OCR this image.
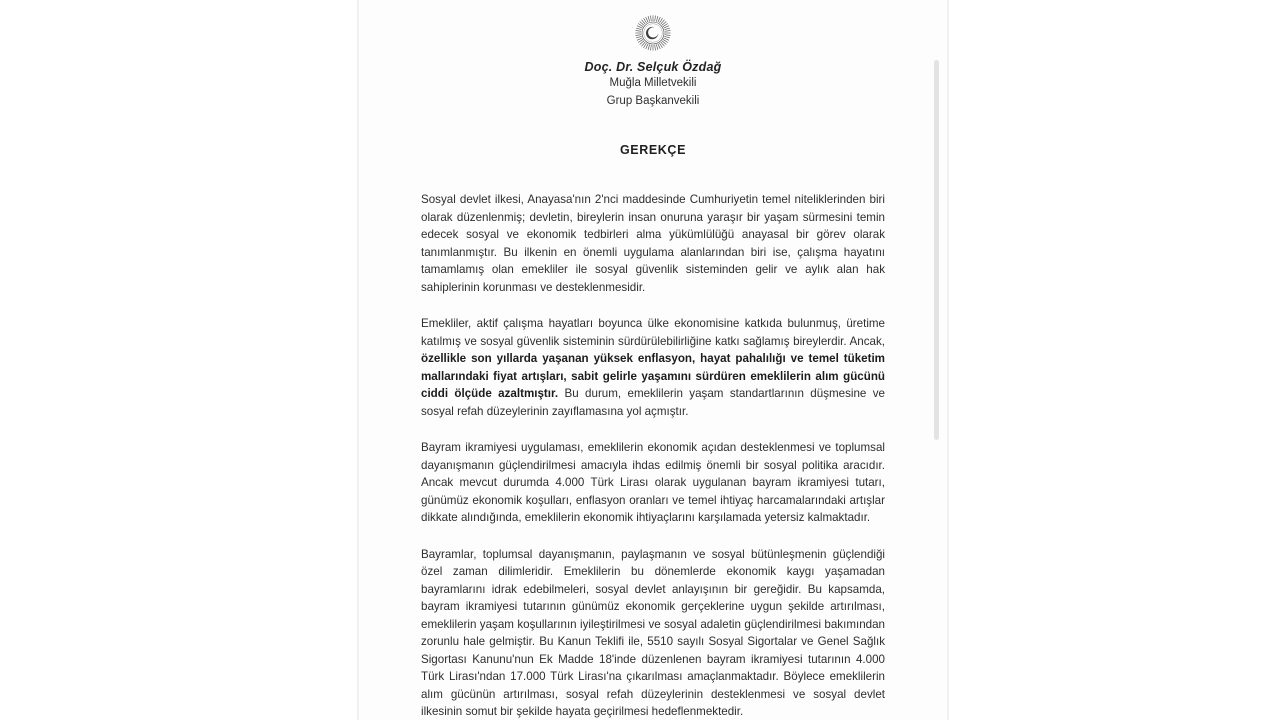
Doç. Dr. Selçuk Özdağ
Muğla Milletvekili
Grup Başkanvekili
GEREKÇE

Sosyal devlet ilkesi, Anayasa'nın 2'nci maddesinde Cumhuriyetin temel niteliklerinden biri olarak düzenlenmiş; devletin, bireylerin insan onuruna yaraşır bir yaşam sürmesini temin edecek sosyal ve ekonomik tedbirleri alma yükümlülüğü anayasal bir görev olarak tanımlanmıştır. Bu ilkenin en önemli uygulama alanlarından biri ise, çalışma hayatını tamamlamış olan emekliler ile sosyal güvenlik sisteminden gelir ve aylık alan hak sahiplerinin korunması ve desteklenmesidir.

Emekliler, aktif çalışma hayatları boyunca ülke ekonomisine katkıda bulunmuş, üretime katılmış ve sosyal güvenlik sisteminin sürdürülebilirliğine katkı sağlamış bireylerdir. Ancak, özellikle son yıllarda yaşanan yüksek enflasyon, hayat pahalılığı ve temel tüketim mallarındaki fiyat artışları, sabit gelirle yaşamını sürdüren emeklilerin alım gücünü ciddi ölçüde azaltmıştır. Bu durum, emeklilerin yaşam standartlarının düşmesine ve sosyal refah düzeylerinin zayıflamasına yol açmıştır.

Bayram ikramiyesi uygulaması, emeklilerin ekonomik açıdan desteklenmesi ve toplumsal dayanışmanın güçlendirilmesi amacıyla ihdas edilmiş önemli bir sosyal politika aracıdır. Ancak mevcut durumda 4.000 Türk Lirası olarak uygulanan bayram ikramiyesi tutarı, günümüz ekonomik koşulları, enflasyon oranları ve temel ihtiyaç harcamalarındaki artışlar dikkate alındığında, emeklilerin ekonomik ihtiyaçlarını karşılamada yetersiz kalmaktadır.

Bayramlar, toplumsal dayanışmanın, paylaşmanın ve sosyal bütünleşmenin güçlendiği özel zaman dilimleridir. Emeklilerin bu dönemlerde ekonomik kaygı yaşamadan bayramlarını idrak edebilmeleri, sosyal devlet anlayışının bir gereğidir. Bu kapsamda, bayram ikramiyesi tutarının günümüz ekonomik gerçeklerine uygun şekilde artırılması, emeklilerin yaşam koşullarının iyileştirilmesi ve sosyal adaletin güçlendirilmesi bakımından zorunlu hale gelmiştir. Bu Kanun Teklifi ile, 5510 sayılı Sosyal Sigortalar ve Genel Sağlık Sigortası Kanunu'nun Ek Madde 18'inde düzenlenen bayram ikramiyesi tutarının 4.000 Türk Lirası'ndan 17.000 Türk Lirası'na çıkarılması amaçlanmaktadır. Böylece emeklilerin alım gücünün artırılması, sosyal refah düzeylerinin desteklenmesi ve sosyal devlet ilkesinin somut bir şekilde hayata geçirilmesi hedeflenmektedir.
